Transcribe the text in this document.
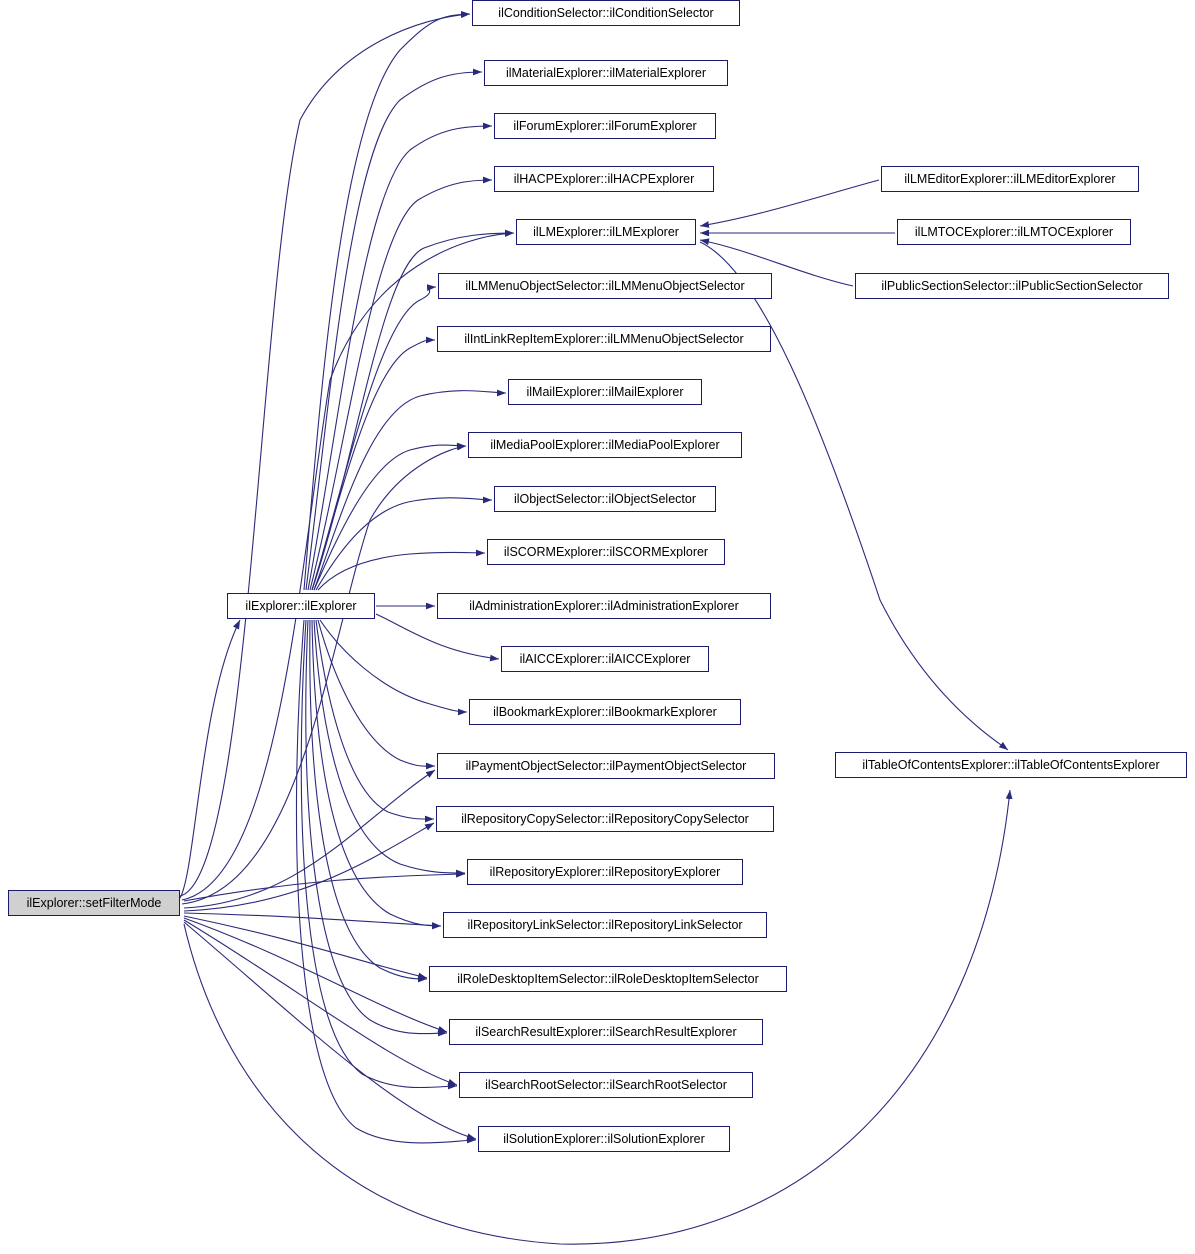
ilExplorer::setFilterMode
ilExplorer::ilExplorer
ilConditionSelector::ilConditionSelector
ilMaterialExplorer::ilMaterialExplorer
ilForumExplorer::ilForumExplorer
ilHACPExplorer::ilHACPExplorer
ilLMExplorer::ilLMExplorer
ilLMMenuObjectSelector::ilLMMenuObjectSelector
ilIntLinkRepItemExplorer::ilLMMenuObjectSelector
ilMailExplorer::ilMailExplorer
ilMediaPoolExplorer::ilMediaPoolExplorer
ilObjectSelector::ilObjectSelector
ilSCORMExplorer::ilSCORMExplorer
ilAdministrationExplorer::ilAdministrationExplorer
ilAICCExplorer::ilAICCExplorer
ilBookmarkExplorer::ilBookmarkExplorer
ilPaymentObjectSelector::ilPaymentObjectSelector
ilRepositoryCopySelector::ilRepositoryCopySelector
ilRepositoryExplorer::ilRepositoryExplorer
ilRepositoryLinkSelector::ilRepositoryLinkSelector
ilRoleDesktopItemSelector::ilRoleDesktopItemSelector
ilSearchResultExplorer::ilSearchResultExplorer
ilSearchRootSelector::ilSearchRootSelector
ilSolutionExplorer::ilSolutionExplorer
ilLMEditorExplorer::ilLMEditorExplorer
ilLMTOCExplorer::ilLMTOCExplorer
ilPublicSectionSelector::ilPublicSectionSelector
ilTableOfContentsExplorer::ilTableOfContentsExplorer
